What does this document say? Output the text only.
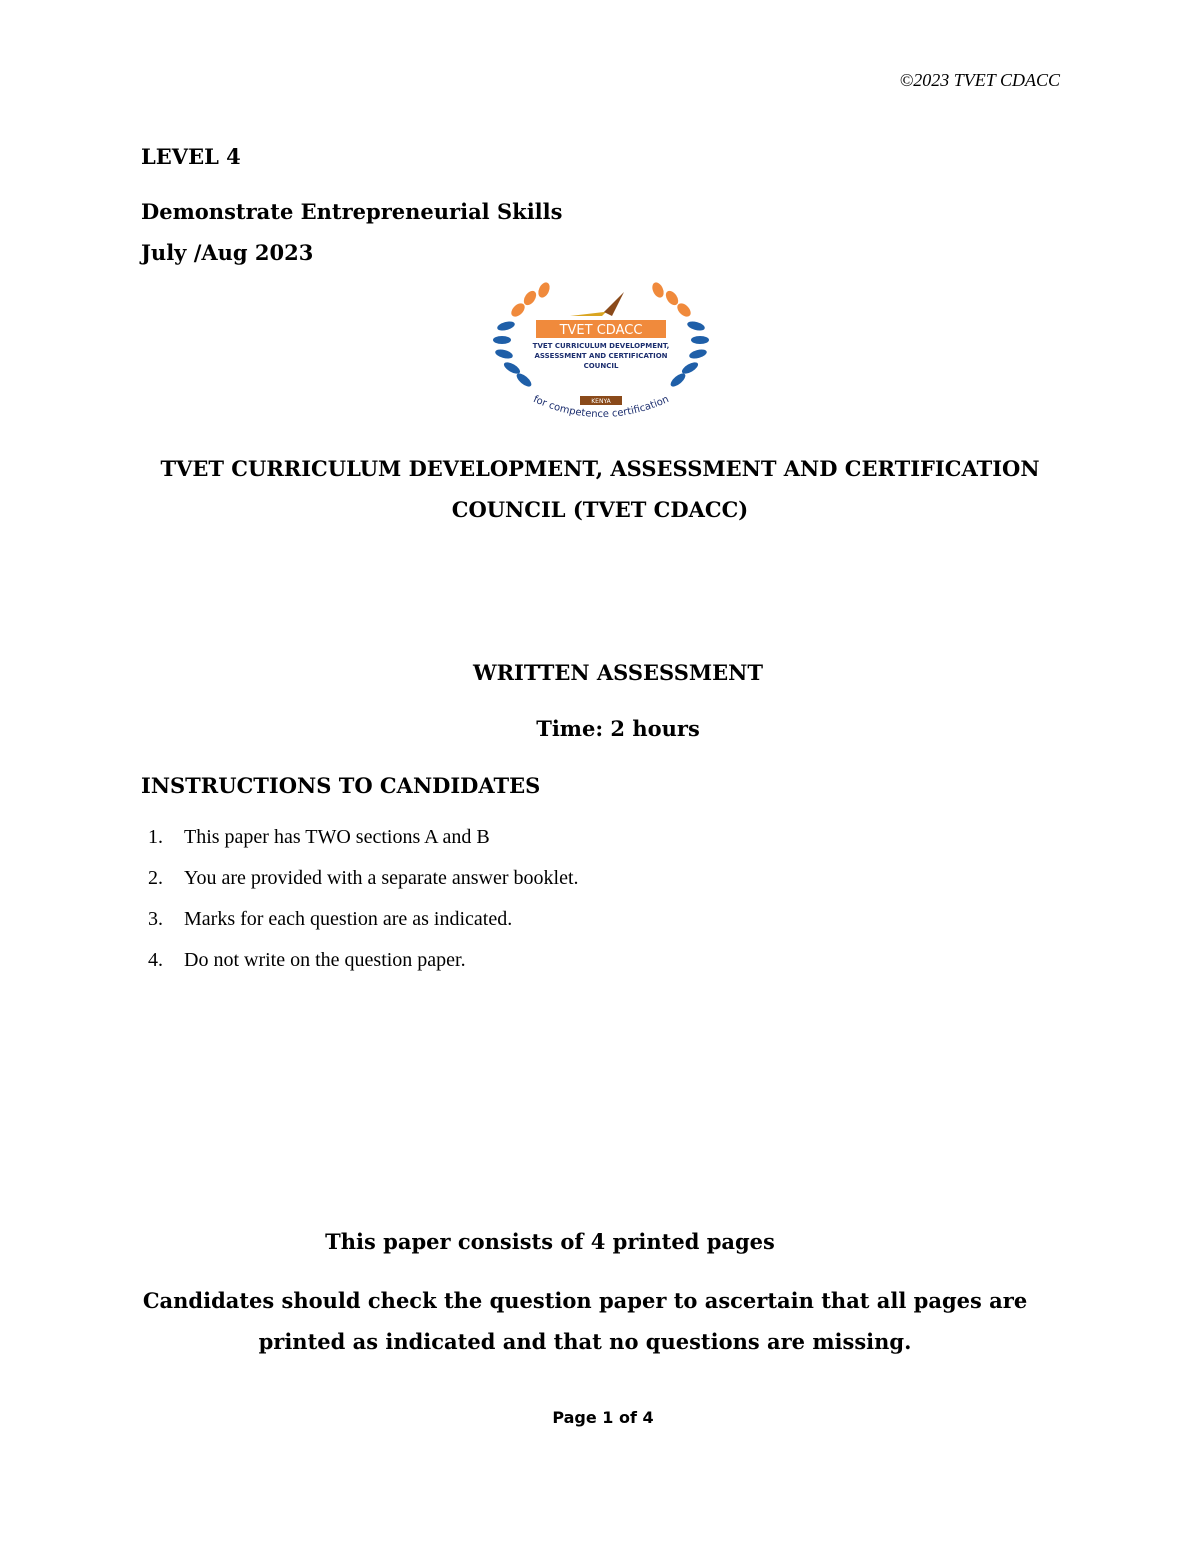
©2023 TVET CDACC
LEVEL 4
Demonstrate Entrepreneurial Skills
July /Aug 2023
TVET CDACC
TVET CURRICULUM DEVELOPMENT,
ASSESSMENT AND CERTIFICATION
COUNCIL
KENYA
for competence certification
TVET CURRICULUM DEVELOPMENT, ASSESSMENT AND CERTIFICATION
COUNCIL (TVET CDACC)
WRITTEN ASSESSMENT
Time: 2 hours
INSTRUCTIONS TO CANDIDATES
1.	This paper has TWO sections A and B
2.	You are provided with a separate answer booklet.
3.	Marks for each question are as indicated.
4.	Do not write on the question paper.
This paper consists of 4 printed pages
Candidates should check the question paper to ascertain that all pages are printed as indicated and that no questions are missing.
Page 1 of 4
